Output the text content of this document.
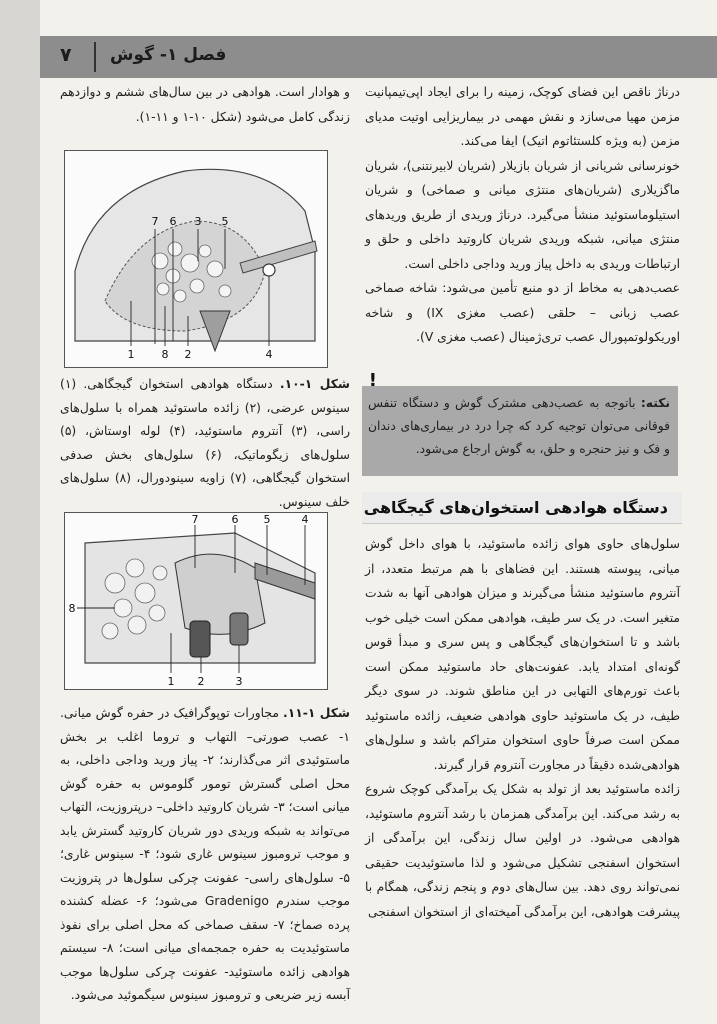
۷ فصل ۱- گوش

درناژ ناقص این فضای کوچک، زمینه را برای ایجاد اپی‌تیمپانیت مزمن مهیا می‌سازد و نقش مهمی در بیماریزایی اوتیت مدیای مزمن (به ویژه کلستئاتوم اتیک) ایفا می‌کند.

خونرسانی شریانی از شریان بازیلار (شریان لابیرنتنی)، شریان ماگزیلاری (شریان‌های منتژی میانی و صماخی) و شریان استیلوماستوئید منشأ می‌گیرد. درناژ وریدی از طریق وریدهای منتژی میانی، شبکه وریدی شریان کاروتید داخلی و حلق و ارتباطات وریدی به داخل پیاز ورید وداجی داخلی است.

عصب‌دهی به مخاط از دو منبع تأمین می‌شود: شاخه صماخی عصب زبانی – حلقی (عصب مغزی IX) و شاخه اوریکولوتمپورال عصب تری‌ژمینال (عصب مغزی V).

!
نکته: باتوجه به عصب‌دهی مشترک گوش و دستگاه تنفس فوقانی می‌توان توجیه کرد که چرا درد در بیماری‌های دندان و فک و نیز حنجره و حلق، به گوش ارجاع می‌شود.
دستگاه هوادهی استخوان‌های گیجگاهی

سلول‌های حاوی هوای زائده ماستوئید، با هوای داخل گوش میانی، پیوسته هستند. این فضاهای با هم مرتبط متعدد، از آنتروم ماستوئید منشأ می‌گیرند و میزان هوادهی آنها به شدت متغیر است. در یک سر طیف، هوادهی ممکن است خیلی خوب باشد و تا استخوان‌های گیجگاهی و پس سری و مبدأ قوس گونه‌ای امتداد یابد. عفونت‌های حاد ماستوئید ممکن است باعث تورم‌های التهابی در این مناطق شوند. در سوی دیگر طیف، در یک ماستوئید حاوی هوادهی ضعیف، زائده ماستوئید ممکن است صرفاً حاوی استخوان متراکم باشد و سلول‌های هوادهی‌شده دقیقاً در مجاورت آنتروم قرار گیرند.

زائده ماستوئید بعد از تولد به شکل یک برآمدگی کوچک شروع به رشد می‌کند. این برآمدگی همزمان با رشد آنتروم ماستوئید، هوادهی می‌شود. در اولین سال زندگی، این برآمدگی از استخوان اسفنجی تشکیل می‌شود و لذا ماستوئیدیت حقیقی نمی‌تواند روی دهد. بین سال‌های دوم و پنجم زندگی، همگام با پیشرفت هوادهی، این برآمدگی آمیخته‌ای از استخوان اسفنجی

و هوادار است. هوادهی در بین سال‌های ششم و دوازدهم زندگی کامل می‌شود (شکل ۱۰-۱ و ۱۱-۱).

7 6 3 5
1 8 2	4
شکل ۱-۱۰. دستگاه هوادهی استخوان گیجگاهی. (۱) سینوس عرضی، (۲) زائده ماستوئید همراه با سلول‌های راسی، (۳) آنتروم ماستوئید، (۴) لوله اوستاش، (۵) سلول‌های زیگوماتیک، (۶) سلول‌های بخش صدفی استخوان گیجگاهی، (۷) زاویه سینودورال، (۸) سلول‌های خلف سینوس.
7	6 5	4
8
1 2	3
شکل ۱-۱۱. مجاورات توپوگرافیک در حفره گوش میانی. ۱- عصب صورتی– التهاب و تروما اغلب بر بخش ماستوئیدی اثر می‌گذارند؛ ۲- پیاز ورید وداجی داخلی، به محل اصلی گسترش تومور گلوموس به حفره گوش میانی است؛ ۳- شریان کاروتید داخلی– درپتروزیت، التهاب می‌تواند به شبکه وریدی دور شریان کاروتید گسترش یابد و موجب ترومبوز سینوس غاری شود؛ ۴- سینوس غاری؛ ۵- سلول‌های راسی- عفونت چرکی سلول‌ها در پتروزیت موجب سندرم Gradenigo می‌شود؛ ۶- عضله کشنده پرده صماخ؛ ۷- سقف صماخی که محل اصلی برای نفوذ ماستوئیدیت به حفره جمجمه‌ای میانی است؛ ۸- سیستم هوادهی زائده ماستوئید- عفونت چرکی سلول‌ها موجب آبسه زیر ضریعی و ترومبوز سینوس سیگموئید می‌شود.
